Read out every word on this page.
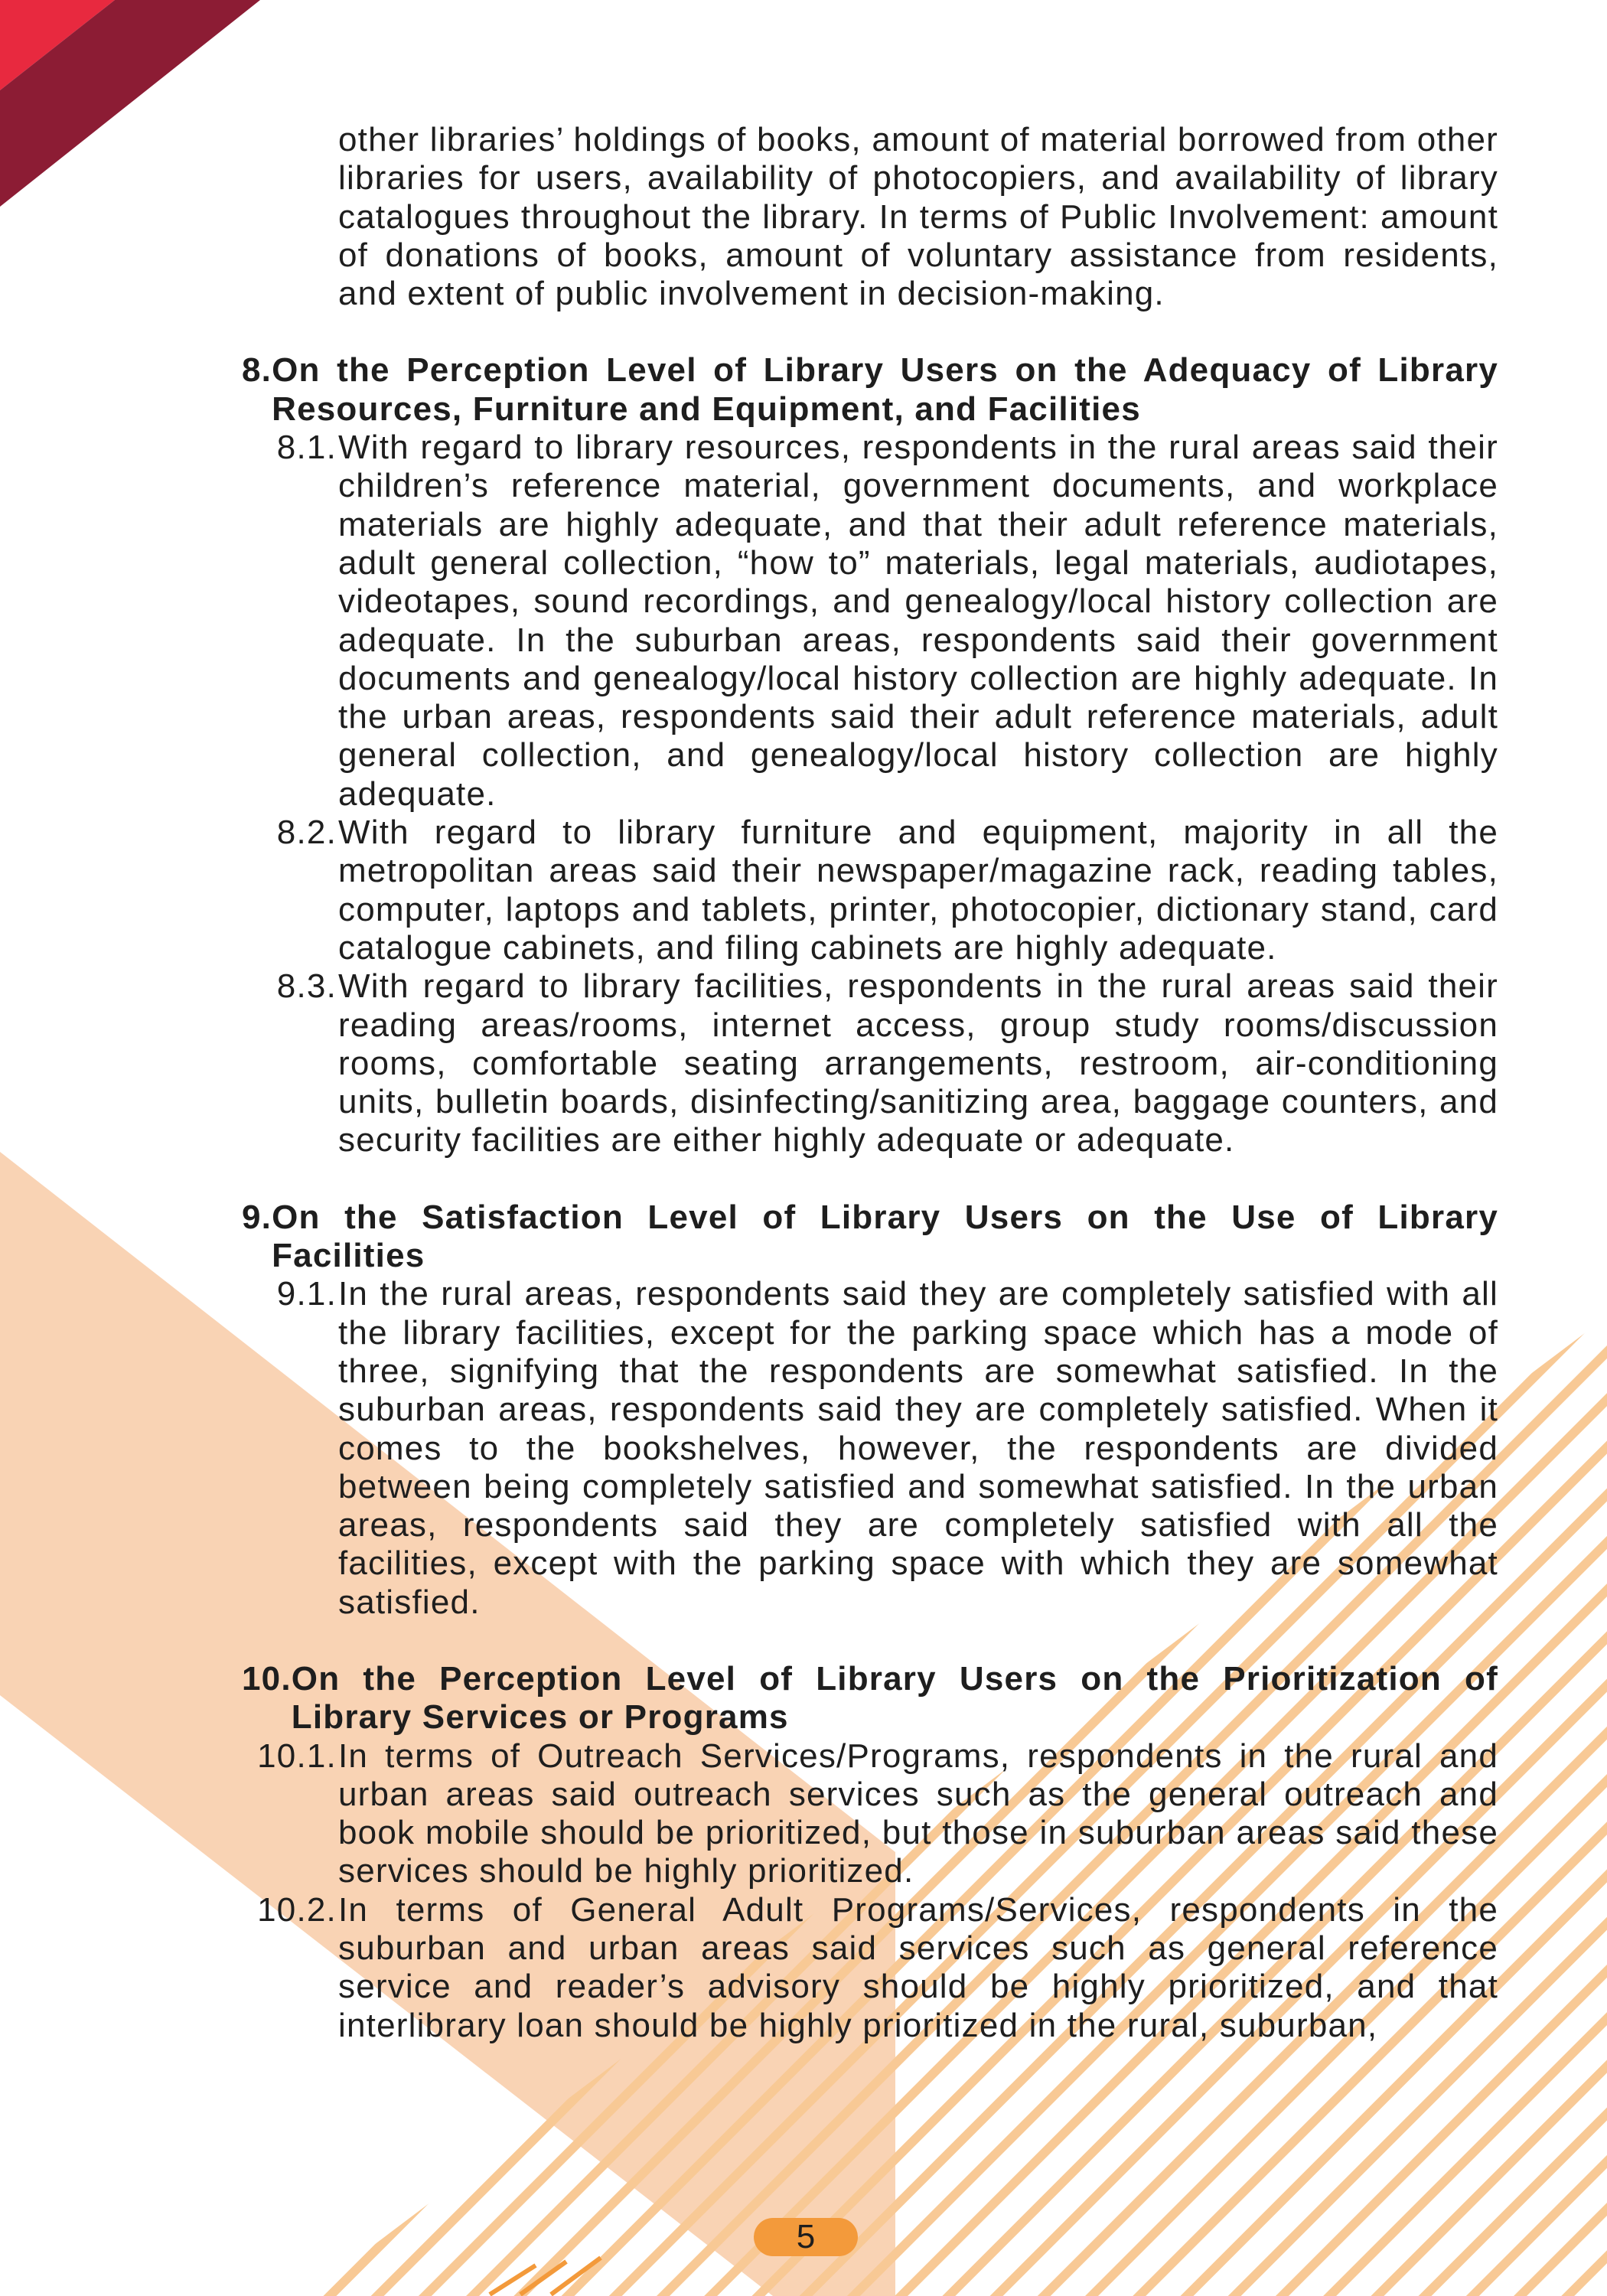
other libraries’ holdings of books, amount of material borrowed from other libraries for users, availability of photocopiers, and availability of library catalogues throughout the library. In terms of Public Involvement: amount of donations of books, amount of voluntary assistance from residents, and extent of public involvement in decision-making.

8. On the Perception Level of Library Users on the Adequacy of Library Resources, Furniture and Equipment, and Facilities
8.1. With regard to library resources, respondents in the rural areas said their children’s reference material, government documents, and workplace materials are highly adequate, and that their adult reference materials, adult general collection, “how to” materials, legal materials, audiotapes, videotapes, sound recordings, and genealogy/local history collection are adequate. In the suburban areas, respondents said their government documents and genealogy/local history collection are highly adequate. In the urban areas, respondents said their adult reference materials, adult general collection, and genealogy/local history collection are highly adequate.
8.2. With regard to library furniture and equipment, majority in all the metropolitan areas said their newspaper/magazine rack, reading tables, computer, laptops and tablets, printer, photocopier, dictionary stand, card catalogue cabinets, and filing cabinets are highly adequate.
8.3. With regard to library facilities, respondents in the rural areas said their reading areas/rooms, internet access, group study rooms/discussion rooms, comfortable seating arrangements, restroom, air-conditioning units, bulletin boards, disinfecting/sanitizing area, baggage counters, and security facilities are either highly adequate or adequate.
9. On the Satisfaction Level of Library Users on the Use of Library Facilities
9.1. In the rural areas, respondents said they are completely satisfied with all the library facilities, except for the parking space which has a mode of three, signifying that the respondents are somewhat satisfied. In the suburban areas, respondents said they are completely satisfied. When it comes to the bookshelves, however, the respondents are divided between being completely satisfied and somewhat satisfied. In the urban areas, respondents said they are completely satisfied with all the facilities, except with the parking space with which they are somewhat satisfied.
10. On the Perception Level of Library Users on the Prioritization of Library Services or Programs
10.1. In terms of Outreach Services/Programs, respondents in the rural and urban areas said outreach services such as the general outreach and book mobile should be prioritized, but those in suburban areas said these services should be highly prioritized.
10.2. In terms of General Adult Programs/Services, respondents in the suburban and urban areas said services such as general reference service and reader’s advisory should be highly prioritized, and that interlibrary loan should be highly prioritized in the rural, suburban,
5
